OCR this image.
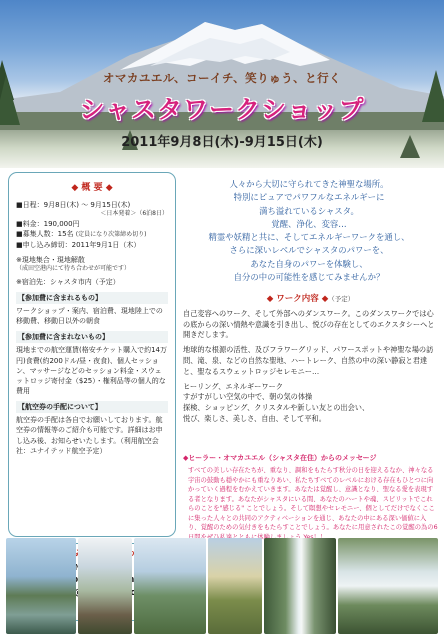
オマカユエル、コーイチ、笑りゅう、と行く
シャスタワークショップ
2011年9月8日(木)-9月15日(木)
◆ 概 要 ◆
■日程：9月8日(木) 〜 9月15日(木)
＜日本発着＞（6泊8日）
■料金：190,000円
■募集人数：15名 (定員になり次第締め切り)
■申し込み締切：2011年9月1日（木）
※現地集合・現地解散
（成田空港内にて待ち合わせが可能です）
※宿泊先：シャスタ市内（予定）
【参加費に含まれるもの】
ワークショップ・案内、宿泊費、現地陸上での移動費、移動日以外の朝食
【参加費に含まれないもの】
現地までの航空運賃(格安チケット購入で約14万円)食費(約200ドル/昼・夜食)、個人セッション、マッサージなどのセッション料金・スウェットロッジ寄付金（$25）・権利品等の個人的な費用
【航空券の手配について】
航空券の手配は各自でお願いしております。航空券の情報等のご紹介も可能です。詳細はお申し込み後、お知らせいたします。（利用航空会社：ユナイテッド航空予定）
人々から大切に守られてきた神聖な場所。
特別にピュアでパワフルなエネルギーに
満ち溢れているシャスタ。
覚醒、浄化、変容…
精霊や妖精と共に、そしてエネルギーワークを通し、
さらに深いレベルでシャスタのパワーを、
あなた自身のパワーを体験し、
自分の中の可能性を感じてみませんか？
◆ ワーク内容 ◆（予定）

自己変容へのワーク、そして外部へのダンスワーク。このダンスワークでは心の底からの深い情熱や意識を引き出し、悦びの存在としてのエクスタシーへと開きだします。

地球的な根源の活性、及びフラワーグリッド、パワースポットや神聖な場の訪問、滝、泉、などの自然な聖地、ハートレーク、自然の中の深い静寂と君達と、聖なるスウェットロッジセレモニー…

ヒーリング、エネルギーワーク
すがすがしい空気の中で、朝の気の体操
探検、ショッピング、クリスタルや新しい友との出会い、
悦び、楽しさ、美しさ、自由、そして平和。
◆ヒーラー・オマカユエル（シャスタ在住）からのメッセージ
すべての美しい存在たちが、重なり、調和をもたらす秋分の日を迎えるなか、神々なる宇宙の鼓動も穏やかにも重なりあい、私たちすべてのレベルにおける存在もひとつに向かっていく過程をむかえていきます。あなたは覚醒し、意識となり、聖なる愛を表現する者となります。あなたがシャスタにいる間、あなたのハートや魂、スピリットでこれらのことを"感じる" ことでしょう。そして瞑想やセレモニー、個としてだけでなくここに集った人々との共同のアクティベーションを通じ、あなたの中にある深い価値に入り、覚醒のための気付きをもたらすことでしょう。あなたに用意されたこの覚醒の為の6 をぜ に体験し
